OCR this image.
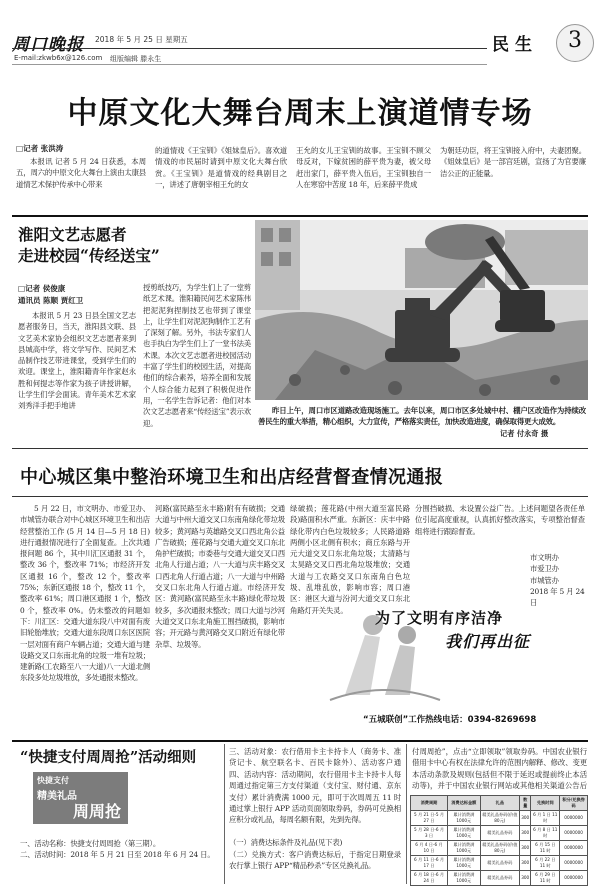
周口晚报 2018 年 5 月 25 日 星期五
E-mail:zkwb6x@126.com 组版编辑 滕永生
民生	3
中原文化大舞台周末上演道情专场
□记者 张洪涛
本报讯 记者 5 月 24 日获悉，本周五，周六的中原文化大舞台上演由太康县道情艺术保护传承中心带来
的道情戏《王宝钏》《姐妹皇后》。喜欢道情戏的市民届时请到中原文化大舞台欣赏。《王宝钏》是道情戏的经典剧目之一，讲述了唐朝宰相王允的女
王允的女儿王宝钏的故事。王宝钏不顾父母反对，下嫁贫困的薛平贵为妻，被父母赶出家门，薛平贵入伍后，王宝钏独自一人在寒窑中苦度 18 年，后来薛平贵成
为朝廷功臣，将王宝钏接入府中，夫妻团聚。《姐妹皇后》是一部宫廷剧，宣扬了为官要廉洁公正的正能量。
淮阳文艺志愿者
走进校园“传经送宝”
□记者 侯俊康
通讯员 陈顺 贾红卫
本报讯 5 月 23 日县全国文艺志愿者服务日，当天，淮阳县文联、县文艺美术家协会组织文艺志愿者来到县城高中学，将文学写作、民间艺术品制作技艺带进课堂，受到学生们的欢迎。课堂上，淮阳籍青年作家赵永胜和何提志等作家为孩子讲授讲解，让学生们学会面读。青年美术艺术家刘秀洋手把手地讲
授剪纸技巧，为学生们上了一堂剪纸艺术课。淮阳籍民间艺术家陈伟把泥泥狗捏制技艺也带到了课堂上，让学生们对泥泥狗制作工艺有了深刻了解。另外，书法专家们人也手执白为学生们上了一堂书法美术课。本次文艺志愿者进校园活动丰富了学生们的校园生活，对提高他们的综合素养，培养全面和发展个人综合能力起到了积极促进作用，一名学生告诉记者：他们对本次文艺志愿者来“传经送宝”表示欢迎。
昨日上午，周口市区道路改造现场施工。去年以来，周口市区多处城中村、棚户区改造作为持续改善民生的重大举措，精心组织，大力宣传，严格落实责任，加快改造进度，确保取得更大成效。
记者 付永奇 摄
中心城区集中整治环境卫生和出店经营督查情况通报
5 月 22 日，市文明办、市爱卫办、市城管办联合对中心城区环境卫生和出店经营整治工作 (5 月 14 日—5 月 18 日)进行通报情况进行了全面复查。上次共通报问题 86 个，其中川汇区通报 31 个，整改 36 个，整改率 71%；市经济开发区通报 16 个，整改 12 个，整改率 75%；东新区通报 18 个，整改 11 个，整改率 61%；周口港区通报 1 个，整改 0 个，整改率 0%。仍未整改的问题如下：川汇区：交通大道东段八中对面有废旧轮胎堆放；交通大道东段周口东区医院一层对面有商户车辆占道；交通大道与建设路交叉口东南北角的垃圾一堆有垃圾；建新路(工农路至八一大道)八一大道北侧东段多处垃圾堆放，多处通报未整改。
河路(富民路至永丰路)附有有破损；交通大道与中州大道交叉口东南角绿化带垃圾较多；黄河路与英雄路交叉口西北角公益广告破损；莲花路与交通大道交叉口东北角护栏破损；市委巷与交通大道交叉口西北角人行道占道；八一大道与庆丰路交叉口西北角人行道占道；八一大道与中州路交叉口东北角人行道占道。市经济开发区：黄河路(富民路至永丰路)绿化带垃圾较多，多次通报未整改；周口大道与沙河大道交叉口东北角施工围挡破损，影响市容；开元路与黄河路交叉口附近有绿化带杂草、垃圾等。
绿破损；莲花路(中州大道至富民路段)路面积水严重。东新区：庆丰中路绿化带内白色垃圾较多；人民路道路两侧小区北侧有积水；商丘东路与开元大道交叉口东北角垃圾；太清路与太昊路交叉口西北角垃圾堆放；交通大道与工农路交叉口东南角白色垃圾、乱堆乱放，影响市容；周口港区：港区大道与汾河大道交叉口东北角路灯开关失灵。
分围挡破损、未设置公益广告。上述问题望各责任单位引起高度重视，认真抓好整改落实，专项整治督查组将进行跟踪督查。
市文明办
市爱卫办
市城管办
2018 年 5 月 24 日
为了文明有序洁净
我们再出征
“五城联创”工作热线电话：0394-8269698
“快捷支付周周抢”活动细则
快捷支付
精美礼品
周周抢
一、活动名称：快捷支付周周抢（第三期）。
二、活动时间：2018 年 5 月 21 日至 2018 年 6 月 24 日。
三、活动对象：农行借用卡主卡持卡人（商务卡、准贷记卡、航空联名卡、百民卡除外）、活动客户通
四、活动内容：活动期间，农行借用卡主卡持卡人每周通过指定第三方支付渠道（支付宝、财付通、京东支付）累计消费满 1000 元，即可于次周周五 11 时通过掌上银行 APP 活动页面领取券码，券码可兑换相应积分或礼品，每周名额有限，先到先得。
（一）消费达标条件及礼品(见下表)
（二）兑换方式：客户消费达标后，于指定日期登录农行掌上银行 APP“精品秒杀”专区兑换礼品。
付周周抢”，点击“立即领取”领取券码。中国农业银行借用卡中心有权在法律允许的范围内解释、修改、变更本活动条款及规则(包括但不限于延迟或提前终止本活动等)，并于中国农业银行网站或其他相关渠道公告后
消费周期	消费达标金额	礼品	数量	兑换时间	积分/兑换券码
5 月 21 日-5 月 27 日	累计消费满1000元	精美礼品券码(价值80元)	300	6 月 1 日 11 时	0000000
5 月 28 日-6 月 3 日	累计消费满1000元	精美礼品券码	300	6 月 8 日 11 时	0000000
6 月 4 日-6 月 10 日	累计消费满1000元	精美礼品券码(价值80元)	300	6 月 15 日 11 时	0000000
6 月 11 日-6 月 17 日	累计消费满1000元	精美礼品券码	300	6 月 22 日 11 时	0000000
6 月 18 日-6 月 24 日	累计消费满1000元	精美礼品券码	300	6 月 29 日 11 时	0000000
